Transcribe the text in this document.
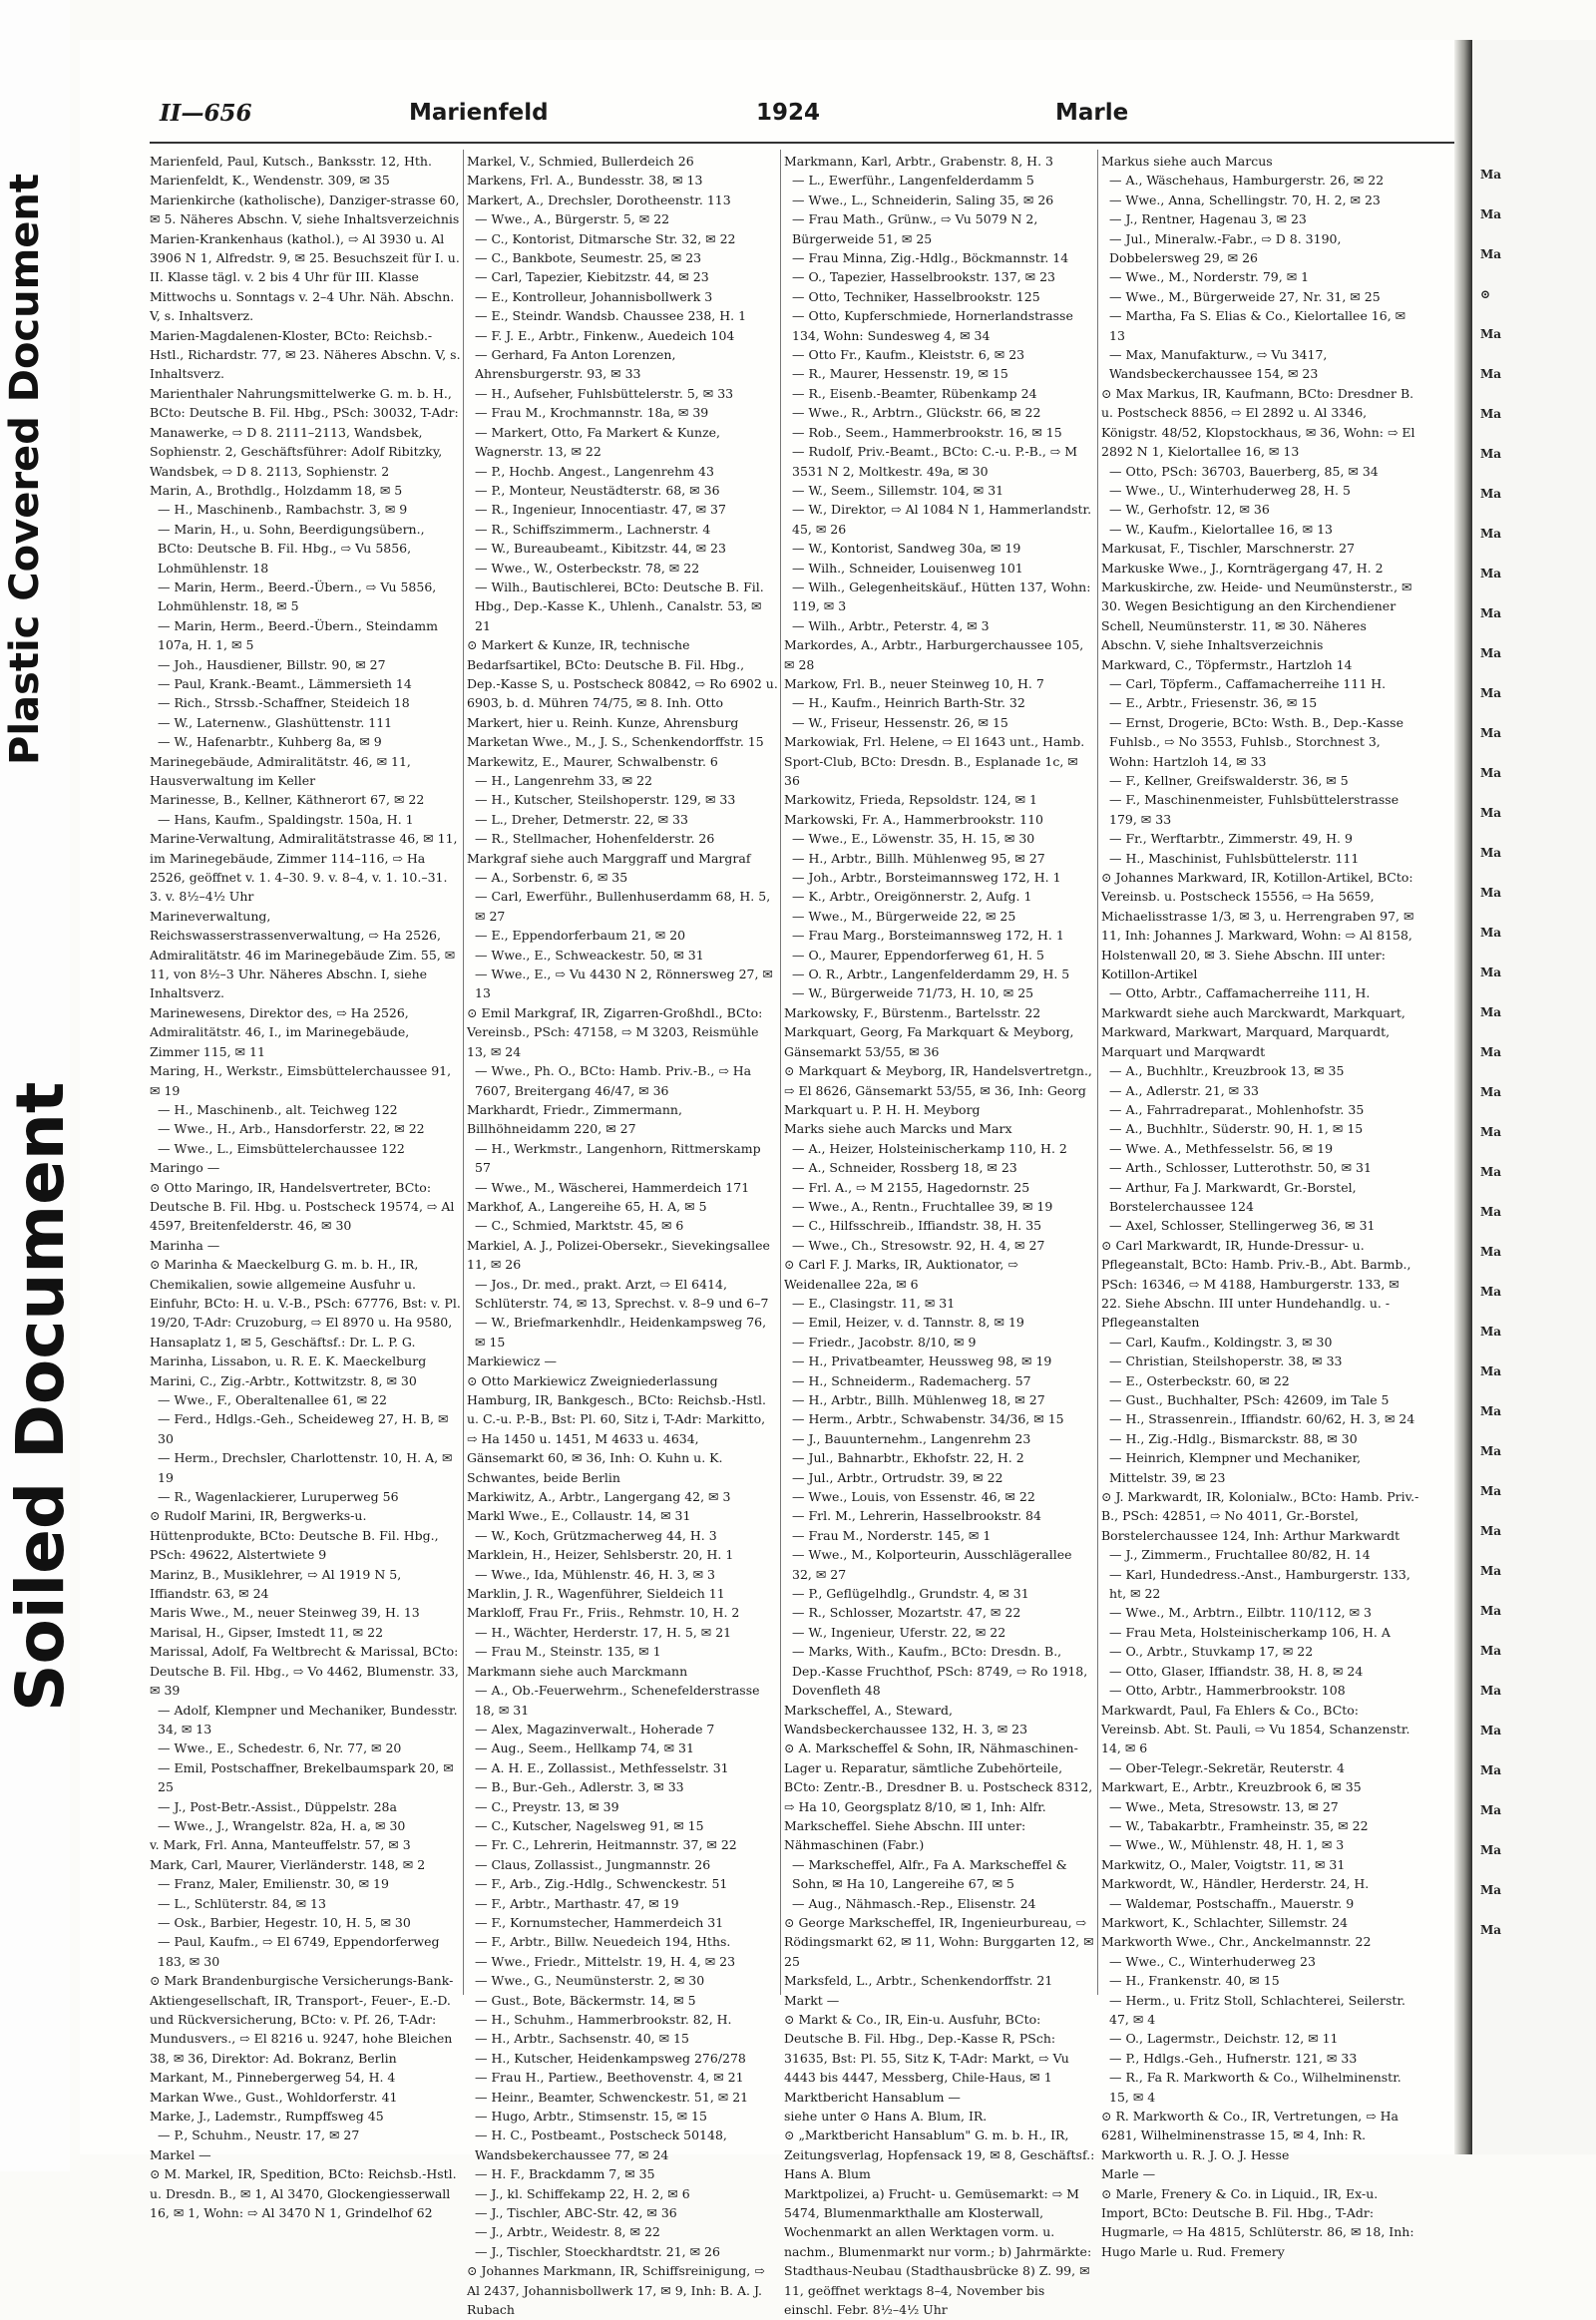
Plastic Covered Document
Soiled Document
II—656	Marienfeld	1924	Marle
Marienfeld, Paul, Kutsch., Banksstr. 12, Hth.
Marienfeldt, K., Wendenstr. 309, ✉ 35
Marienkirche (katholische), Danziger-strasse 60, ✉ 5. Näheres Abschn. V, siehe Inhaltsverzeichnis
Marien-Krankenhaus (kathol.), ⇨ Al 3930 u. Al 3906 N 1, Alfredstr. 9, ✉ 25. Besuchszeit für I. u. II. Klasse tägl. v. 2 bis 4 Uhr für III. Klasse Mittwochs u. Sonntags v. 2–4 Uhr. Näh. Abschn. V, s. Inhaltsverz.
Marien-Magdalenen-Kloster, BCto: Reichsb.-Hstl., Richardstr. 77, ✉ 23. Näheres Abschn. V, s. Inhaltsverz.
Marienthaler Nahrungsmittelwerke G. m. b. H., BCto: Deutsche B. Fil. Hbg., PSch: 30032, T-Adr: Manawerke, ⇨ D 8. 2111–2113, Wandsbek, Sophienstr. 2, Geschäftsführer: Adolf Ribitzky, Wandsbek, ⇨ D 8. 2113, Sophienstr. 2
Marin, A., Brothdlg., Holzdamm 18, ✉ 5
— H., Maschinenb., Rambachstr. 3, ✉ 9
— Marin, H., u. Sohn, Beerdigungsübern., BCto: Deutsche B. Fil. Hbg., ⇨ Vu 5856, Lohmühlenstr. 18
— Marin, Herm., Beerd.-Übern., ⇨ Vu 5856, Lohmühlenstr. 18, ✉ 5
— Marin, Herm., Beerd.-Übern., Steindamm 107a, H. 1, ✉ 5
— Joh., Hausdiener, Billstr. 90, ✉ 27
— Paul, Krank.-Beamt., Lämmersieth 14
— Rich., Strssb.-Schaffner, Steideich 18
— W., Laternenw., Glashüttenstr. 111
— W., Hafenarbtr., Kuhberg 8a, ✉ 9
Marinegebäude, Admiralitätstr. 46, ✉ 11, Hausverwaltung im Keller
Marinesse, B., Kellner, Käthnerort 67, ✉ 22
— Hans, Kaufm., Spaldingstr. 150a, H. 1
Marine-Verwaltung, Admiralitätstrasse 46, ✉ 11, im Marinegebäude, Zimmer 114–116, ⇨ Ha 2526, geöffnet v. 1. 4–30. 9. v. 8–4, v. 1. 10.–31. 3. v. 8½–4½ Uhr
Marineverwaltung, Reichswasserstrassenverwaltung, ⇨ Ha 2526, Admiralitätstr. 46 im Marinegebäude Zim. 55, ✉ 11, von 8½–3 Uhr. Näheres Abschn. I, siehe Inhaltsverz.
Marinewesens, Direktor des, ⇨ Ha 2526, Admiralitätstr. 46, I., im Marinegebäude, Zimmer 115, ✉ 11
Maring, H., Werkstr., Eimsbüttelerchaussee 91, ✉ 19
— H., Maschinenb., alt. Teichweg 122
— Wwe., H., Arb., Hansdorferstr. 22, ✉ 22
— Wwe., L., Eimsbüttelerchaussee 122
Maringo —
⊙ Otto Maringo, IR, Handelsvertreter, BCto: Deutsche B. Fil. Hbg. u. Postscheck 19574, ⇨ Al 4597, Breitenfelderstr. 46, ✉ 30
Marinha —
⊙ Marinha & Maeckelburg G. m. b. H., IR, Chemikalien, sowie allgemeine Ausfuhr u. Einfuhr, BCto: H. u. V.-B., PSch: 67776, Bst: v. Pl. 19/20, T-Adr: Cruzoburg, ⇨ El 8970 u. Ha 9580, Hansaplatz 1, ✉ 5, Geschäftsf.: Dr. L. P. G. Marinha, Lissabon, u. R. E. K. Maeckelburg
Marini, C., Zig.-Arbtr., Kottwitzstr. 8, ✉ 30
— Wwe., F., Oberaltenallee 61, ✉ 22
— Ferd., Hdlgs.-Geh., Scheideweg 27, H. B, ✉ 30
— Herm., Drechsler, Charlottenstr. 10, H. A, ✉ 19
— R., Wagenlackierer, Luruperweg 56
⊙ Rudolf Marini, IR, Bergwerks-u. Hüttenprodukte, BCto: Deutsche B. Fil. Hbg., PSch: 49622, Alstertwiete 9
Marinz, B., Musiklehrer, ⇨ Al 1919 N 5, Iffiandstr. 63, ✉ 24
Maris Wwe., M., neuer Steinweg 39, H. 13
Marisal, H., Gipser, Imstedt 11, ✉ 22
Marissal, Adolf, Fa Weltbrecht & Marissal, BCto: Deutsche B. Fil. Hbg., ⇨ Vo 4462, Blumenstr. 33, ✉ 39
— Adolf, Klempner und Mechaniker, Bundesstr. 34, ✉ 13
— Wwe., E., Schedestr. 6, Nr. 77, ✉ 20
— Emil, Postschaffner, Brekelbaumspark 20, ✉ 25
— J., Post-Betr.-Assist., Düppelstr. 28a
— Wwe., J., Wrangelstr. 82a, H. a, ✉ 30
v. Mark, Frl. Anna, Manteuffelstr. 57, ✉ 3
Mark, Carl, Maurer, Vierländerstr. 148, ✉ 2
— Franz, Maler, Emilienstr. 30, ✉ 19
— L., Schlüterstr. 84, ✉ 13
— Osk., Barbier, Hegestr. 10, H. 5, ✉ 30
— Paul, Kaufm., ⇨ El 6749, Eppendorferweg 183, ✉ 30
⊙ Mark Brandenburgische Versicherungs-Bank-Aktiengesellschaft, IR, Transport-, Feuer-, E.-D. und Rückversicherung, BCto: v. Pf. 26, T-Adr: Mundusvers., ⇨ El 8216 u. 9247, hohe Bleichen 38, ✉ 36, Direktor: Ad. Bokranz, Berlin
Markant, M., Pinnebergerweg 54, H. 4
Markan Wwe., Gust., Wohldorferstr. 41
Marke, J., Lademstr., Rumpffsweg 45
— P., Schuhm., Neustr. 17, ✉ 27
Markel —
⊙ M. Markel, IR, Spedition, BCto: Reichsb.-Hstl. u. Dresdn. B., ✉ 1, Al 3470, Glockengiesserwall 16, ✉ 1, Wohn: ⇨ Al 3470 N 1, Grindelhof 62
Markel, V., Schmied, Bullerdeich 26
Markens, Frl. A., Bundesstr. 38, ✉ 13
Markert, A., Drechsler, Dorotheenstr. 113
— Wwe., A., Bürgerstr. 5, ✉ 22
— C., Kontorist, Ditmarsche Str. 32, ✉ 22
— C., Bankbote, Seumestr. 25, ✉ 23
— Carl, Tapezier, Kiebitzstr. 44, ✉ 23
— E., Kontrolleur, Johannisbollwerk 3
— E., Steindr. Wandsb. Chaussee 238, H. 1
— F. J. E., Arbtr., Finkenw., Auedeich 104
— Gerhard, Fa Anton Lorenzen, Ahrensburgerstr. 93, ✉ 33
— H., Aufseher, Fuhlsbüttelerstr. 5, ✉ 33
— Frau M., Krochmannstr. 18a, ✉ 39
— Markert, Otto, Fa Markert & Kunze, Wagnerstr. 13, ✉ 22
— P., Hochb. Angest., Langenrehm 43
— P., Monteur, Neustädterstr. 68, ✉ 36
— R., Ingenieur, Innocentiastr. 47, ✉ 37
— R., Schiffszimmerm., Lachnerstr. 4
— W., Bureaubeamt., Kibitzstr. 44, ✉ 23
— Wwe., W., Osterbeckstr. 78, ✉ 22
— Wilh., Bautischlerei, BCto: Deutsche B. Fil. Hbg., Dep.-Kasse K., Uhlenh., Canalstr. 53, ✉ 21
⊙ Markert & Kunze, IR, technische Bedarfsartikel, BCto: Deutsche B. Fil. Hbg., Dep.-Kasse S, u. Postscheck 80842, ⇨ Ro 6902 u. 6903, b. d. Mühren 74/75, ✉ 8. Inh. Otto Markert, hier u. Reinh. Kunze, Ahrensburg
Marketan Wwe., M., J. S., Schenkendorffstr. 15
Markewitz, E., Maurer, Schwalbenstr. 6
— H., Langenrehm 33, ✉ 22
— H., Kutscher, Steilshoperstr. 129, ✉ 33
— L., Dreher, Detmerstr. 22, ✉ 33
— R., Stellmacher, Hohenfelderstr. 26
Markgraf siehe auch Marggraff und Margraf
— A., Sorbenstr. 6, ✉ 35
— Carl, Ewerführ., Bullenhuserdamm 68, H. 5, ✉ 27
— E., Eppendorferbaum 21, ✉ 20
— Wwe., E., Schweackestr. 50, ✉ 31
— Wwe., E., ⇨ Vu 4430 N 2, Rönnersweg 27, ✉ 13
⊙ Emil Markgraf, IR, Zigarren-Großhdl., BCto: Vereinsb., PSch: 47158, ⇨ M 3203, Reismühle 13, ✉ 24
— Wwe., Ph. O., BCto: Hamb. Priv.-B., ⇨ Ha 7607, Breitergang 46/47, ✉ 36
Markhardt, Friedr., Zimmermann, Billhöhneidamm 220, ✉ 27
— H., Werkmstr., Langenhorn, Rittmerskamp 57
— Wwe., M., Wäscherei, Hammerdeich 171
Markhof, A., Langereihe 65, H. A, ✉ 5
— C., Schmied, Marktstr. 45, ✉ 6
Markiel, A. J., Polizei-Obersekr., Sievekingsallee 11, ✉ 26
— Jos., Dr. med., prakt. Arzt, ⇨ El 6414, Schlüterstr. 74, ✉ 13, Sprechst. v. 8–9 und 6–7
— W., Briefmarkenhdlr., Heidenkampsweg 76, ✉ 15
Markiewicz —
⊙ Otto Markiewicz Zweigniederlassung Hamburg, IR, Bankgesch., BCto: Reichsb.-Hstl. u. C.-u. P.-B., Bst: Pl. 60, Sitz i, T-Adr: Markitto, ⇨ Ha 1450 u. 1451, M 4633 u. 4634, Gänsemarkt 60, ✉ 36, Inh: O. Kuhn u. K. Schwantes, beide Berlin
Markiwitz, A., Arbtr., Langergang 42, ✉ 3
Markl Wwe., E., Collaustr. 14, ✉ 31
— W., Koch, Grützmacherweg 44, H. 3
Marklein, H., Heizer, Sehlsberstr. 20, H. 1
— Wwe., Ida, Mühlenstr. 46, H. 3, ✉ 3
Marklin, J. R., Wagenführer, Sieldeich 11
Markloff, Frau Fr., Friis., Rehmstr. 10, H. 2
— H., Wächter, Herderstr. 17, H. 5, ✉ 21
— Frau M., Steinstr. 135, ✉ 1
Markmann siehe auch Marckmann
— A., Ob.-Feuerwehrm., Schenefelderstrasse 18, ✉ 31
— Alex, Magazinverwalt., Hoherade 7
— Aug., Seem., Hellkamp 74, ✉ 31
— A. H. E., Zollassist., Methfesselstr. 31
— B., Bur.-Geh., Adlerstr. 3, ✉ 33
— C., Preystr. 13, ✉ 39
— C., Kutscher, Nagelsweg 91, ✉ 15
— Fr. C., Lehrerin, Heitmannstr. 37, ✉ 22
— Claus, Zollassist., Jungmannstr. 26
— F., Arb., Zig.-Hdlg., Schwenckestr. 51
— F., Arbtr., Marthastr. 47, ✉ 19
— F., Kornumstecher, Hammerdeich 31
— F., Arbtr., Billw. Neuedeich 194, Hths.
— Wwe., Friedr., Mittelstr. 19, H. 4, ✉ 23
— Wwe., G., Neumünsterstr. 2, ✉ 30
— Gust., Bote, Bäckermstr. 14, ✉ 5
— H., Schuhm., Hammerbrookstr. 82, H.
— H., Arbtr., Sachsenstr. 40, ✉ 15
— H., Kutscher, Heidenkampsweg 276/278
— Frau H., Partiew., Beethovenstr. 4, ✉ 21
— Heinr., Beamter, Schwenckestr. 51, ✉ 21
— Hugo, Arbtr., Stimsenstr. 15, ✉ 15
— H. C., Postbeamt., Postscheck 50148, Wandsbekerchaussee 77, ✉ 24
— H. F., Brackdamm 7, ✉ 35
— J., kl. Schiffekamp 22, H. 2, ✉ 6
— J., Tischler, ABC-Str. 42, ✉ 36
— J., Arbtr., Weidestr. 8, ✉ 22
— J., Tischler, Stoeckhardtstr. 21, ✉ 26
⊙ Johannes Markmann, IR, Schiffsreinigung, ⇨ Al 2437, Johannisbollwerk 17, ✉ 9, Inh: B. A. J. Rubach
Markmann, Karl, Arbtr., Grabenstr. 8, H. 3
— L., Ewerführ., Langenfelderdamm 5
— Wwe., L., Schneiderin, Saling 35, ✉ 26
— Frau Math., Grünw., ⇨ Vu 5079 N 2, Bürgerweide 51, ✉ 25
— Frau Minna, Zig.-Hdlg., Böckmannstr. 14
— O., Tapezier, Hasselbrookstr. 137, ✉ 23
— Otto, Techniker, Hasselbrookstr. 125
— Otto, Kupferschmiede, Hornerlandstrasse 134, Wohn: Sundesweg 4, ✉ 34
— Otto Fr., Kaufm., Kleiststr. 6, ✉ 23
— R., Maurer, Hessenstr. 19, ✉ 15
— R., Eisenb.-Beamter, Rübenkamp 24
— Wwe., R., Arbtrn., Glückstr. 66, ✉ 22
— Rob., Seem., Hammerbrookstr. 16, ✉ 15
— Rudolf, Priv.-Beamt., BCto: C.-u. P.-B., ⇨ M 3531 N 2, Moltkestr. 49a, ✉ 30
— W., Seem., Sillemstr. 104, ✉ 31
— W., Direktor, ⇨ Al 1084 N 1, Hammerlandstr. 45, ✉ 26
— W., Kontorist, Sandweg 30a, ✉ 19
— Wilh., Schneider, Louisenweg 101
— Wilh., Gelegenheitskäuf., Hütten 137, Wohn: 119, ✉ 3
— Wilh., Arbtr., Peterstr. 4, ✉ 3
Markordes, A., Arbtr., Harburgerchaussee 105, ✉ 28
Markow, Frl. B., neuer Steinweg 10, H. 7
— H., Kaufm., Heinrich Barth-Str. 32
— W., Friseur, Hessenstr. 26, ✉ 15
Markowiak, Frl. Helene, ⇨ El 1643 unt., Hamb. Sport-Club, BCto: Dresdn. B., Esplanade 1c, ✉ 36
Markowitz, Frieda, Repsoldstr. 124, ✉ 1
Markowski, Fr. A., Hammerbrookstr. 110
— Wwe., E., Löwenstr. 35, H. 15, ✉ 30
— H., Arbtr., Billh. Mühlenweg 95, ✉ 27
— Joh., Arbtr., Borsteimannsweg 172, H. 1
— K., Arbtr., Oreigönnerstr. 2, Aufg. 1
— Wwe., M., Bürgerweide 22, ✉ 25
— Frau Marg., Borsteimannsweg 172, H. 1
— O., Maurer, Eppendorferweg 61, H. 5
— O. R., Arbtr., Langenfelderdamm 29, H. 5
— W., Bürgerweide 71/73, H. 10, ✉ 25
Markowsky, F., Bürstenm., Bartelsstr. 22
Markquart, Georg, Fa Markquart & Meyborg, Gänsemarkt 53/55, ✉ 36
⊙ Markquart & Meyborg, IR, Handelsvertretgn., ⇨ El 8626, Gänsemarkt 53/55, ✉ 36, Inh: Georg Markquart u. P. H. H. Meyborg
Marks siehe auch Marcks und Marx
— A., Heizer, Holsteinischerkamp 110, H. 2
— A., Schneider, Rossberg 18, ✉ 23
— Frl. A., ⇨ M 2155, Hagedornstr. 25
— Wwe., A., Rentn., Fruchtallee 39, ✉ 19
— C., Hilfsschreib., Iffiandstr. 38, H. 35
— Wwe., Ch., Stresowstr. 92, H. 4, ✉ 27
⊙ Carl F. J. Marks, IR, Auktionator, ⇨ Weidenallee 22a, ✉ 6
— E., Clasingstr. 11, ✉ 31
— Emil, Heizer, v. d. Tannstr. 8, ✉ 19
— Friedr., Jacobstr. 8/10, ✉ 9
— H., Privatbeamter, Heussweg 98, ✉ 19
— H., Schneiderm., Rademacherg. 57
— H., Arbtr., Billh. Mühlenweg 18, ✉ 27
— Herm., Arbtr., Schwabenstr. 34/36, ✉ 15
— J., Bauunternehm., Langenrehm 23
— Jul., Bahnarbtr., Ekhofstr. 22, H. 2
— Jul., Arbtr., Ortrudstr. 39, ✉ 22
— Wwe., Louis, von Essenstr. 46, ✉ 22
— Frl. M., Lehrerin, Hasselbrookstr. 84
— Frau M., Norderstr. 145, ✉ 1
— Wwe., M., Kolporteurin, Ausschlägerallee 32, ✉ 27
— P., Geflügelhdlg., Grundstr. 4, ✉ 31
— R., Schlosser, Mozartstr. 47, ✉ 22
— W., Ingenieur, Uferstr. 22, ✉ 22
— Marks, With., Kaufm., BCto: Dresdn. B., Dep.-Kasse Fruchthof, PSch: 8749, ⇨ Ro 1918, Dovenfleth 48
Markscheffel, A., Steward, Wandsbeckerchaussee 132, H. 3, ✉ 23
⊙ A. Markscheffel & Sohn, IR, Nähmaschinen-Lager u. Reparatur, sämtliche Zubehörteile, BCto: Zentr.-B., Dresdner B. u. Postscheck 8312, ⇨ Ha 10, Georgsplatz 8/10, ✉ 1, Inh: Alfr. Markscheffel. Siehe Abschn. III unter: Nähmaschinen (Fabr.)
— Markscheffel, Alfr., Fa A. Markscheffel & Sohn, ✉ Ha 10, Langereihe 67, ✉ 5
— Aug., Nähmasch.-Rep., Elisenstr. 24
⊙ George Markscheffel, IR, Ingenieurbureau, ⇨ Rödingsmarkt 62, ✉ 11, Wohn: Burggarten 12, ✉ 25
Marksfeld, L., Arbtr., Schenkendorffstr. 21
Markt —
⊙ Markt & Co., IR, Ein-u. Ausfuhr, BCto: Deutsche B. Fil. Hbg., Dep.-Kasse R, PSch: 31635, Bst: Pl. 55, Sitz K, T-Adr: Markt, ⇨ Vu 4443 bis 4447, Messberg, Chile-Haus, ✉ 1
Marktbericht Hansablum —
siehe unter ⊙ Hans A. Blum, IR.
⊙ „Marktbericht Hansablum" G. m. b. H., IR, Zeitungsverlag, Hopfensack 19, ✉ 8, Geschäftsf.: Hans A. Blum
Marktpolizei, a) Frucht- u. Gemüsemarkt: ⇨ M 5474, Blumenmarkthalle am Klosterwall, Wochenmarkt an allen Werktagen vorm. u. nachm., Blumenmarkt nur vorm.; b) Jahrmärkte: Stadthaus-Neubau (Stadthausbrücke 8) Z. 99, ✉ 11, geöffnet werktags 8–4, November bis einschl. Febr. 8½–4½ Uhr
Markus siehe auch Marcus
— A., Wäschehaus, Hamburgerstr. 26, ✉ 22
— Wwe., Anna, Schellingstr. 70, H. 2, ✉ 23
— J., Rentner, Hagenau 3, ✉ 23
— Jul., Mineralw.-Fabr., ⇨ D 8. 3190, Dobbelersweg 29, ✉ 26
— Wwe., M., Norderstr. 79, ✉ 1
— Wwe., M., Bürgerweide 27, Nr. 31, ✉ 25
— Martha, Fa S. Elias & Co., Kielortallee 16, ✉ 13
— Max, Manufakturw., ⇨ Vu 3417, Wandsbeckerchaussee 154, ✉ 23
⊙ Max Markus, IR, Kaufmann, BCto: Dresdner B. u. Postscheck 8856, ⇨ El 2892 u. Al 3346, Königstr. 48/52, Klopstockhaus, ✉ 36, Wohn: ⇨ El 2892 N 1, Kielortallee 16, ✉ 13
— Otto, PSch: 36703, Bauerberg, 85, ✉ 34
— Wwe., U., Winterhuderweg 28, H. 5
— W., Gerhofstr. 12, ✉ 36
— W., Kaufm., Kielortallee 16, ✉ 13
Markusat, F., Tischler, Marschnerstr. 27
Markuske Wwe., J., Kornträgergang 47, H. 2
Markuskirche, zw. Heide- und Neumünsterstr., ✉ 30. Wegen Besichtigung an den Kirchendiener Schell, Neumünsterstr. 11, ✉ 30. Näheres Abschn. V, siehe Inhaltsverzeichnis
Markward, C., Töpfermstr., Hartzloh 14
— Carl, Töpferm., Caffamacherreihe 111 H.
— E., Arbtr., Friesenstr. 36, ✉ 15
— Ernst, Drogerie, BCto: Wsth. B., Dep.-Kasse Fuhlsb., ⇨ No 3553, Fuhlsb., Storchnest 3, Wohn: Hartzloh 14, ✉ 33
— F., Kellner, Greifswalderstr. 36, ✉ 5
— F., Maschinenmeister, Fuhlsbüttelerstrasse 179, ✉ 33
— Fr., Werftarbtr., Zimmerstr. 49, H. 9
— H., Maschinist, Fuhlsbüttelerstr. 111
⊙ Johannes Markward, IR, Kotillon-Artikel, BCto: Vereinsb. u. Postscheck 15556, ⇨ Ha 5659, Michaelisstrasse 1/3, ✉ 3, u. Herrengraben 97, ✉ 11, Inh: Johannes J. Markward, Wohn: ⇨ Al 8158, Holstenwall 20, ✉ 3. Siehe Abschn. III unter: Kotillon-Artikel
— Otto, Arbtr., Caffamacherreihe 111, H.
Markwardt siehe auch Marckwardt, Markquart, Markward, Markwart, Marquard, Marquardt, Marquart und Marqwardt
— A., Buchhltr., Kreuzbrook 13, ✉ 35
— A., Adlerstr. 21, ✉ 33
— A., Fahrradreparat., Mohlenhofstr. 35
— A., Buchhltr., Süderstr. 90, H. 1, ✉ 15
— Wwe. A., Methfesselstr. 56, ✉ 19
— Arth., Schlosser, Lutterothstr. 50, ✉ 31
— Arthur, Fa J. Markwardt, Gr.-Borstel, Borstelerchaussee 124
— Axel, Schlosser, Stellingerweg 36, ✉ 31
⊙ Carl Markwardt, IR, Hunde-Dressur- u. Pflegeanstalt, BCto: Hamb. Priv.-B., Abt. Barmb., PSch: 16346, ⇨ M 4188, Hamburgerstr. 133, ✉ 22. Siehe Abschn. III unter Hundehandlg. u. -Pflegeanstalten
— Carl, Kaufm., Koldingstr. 3, ✉ 30
— Christian, Steilshoperstr. 38, ✉ 33
— E., Osterbeckstr. 60, ✉ 22
— Gust., Buchhalter, PSch: 42609, im Tale 5
— H., Strassenrein., Iffiandstr. 60/62, H. 3, ✉ 24
— H., Zig.-Hdlg., Bismarckstr. 88, ✉ 30
— Heinrich, Klempner und Mechaniker, Mittelstr. 39, ✉ 23
⊙ J. Markwardt, IR, Kolonialw., BCto: Hamb. Priv.-B., PSch: 42851, ⇨ No 4011, Gr.-Borstel, Borstelerchaussee 124, Inh: Arthur Markwardt
— J., Zimmerm., Fruchtallee 80/82, H. 14
— Karl, Hundedress.-Anst., Hamburgerstr. 133, ht, ✉ 22
— Wwe., M., Arbtrn., Eilbtr. 110/112, ✉ 3
— Frau Meta, Holsteinischerkamp 106, H. A
— O., Arbtr., Stuvkamp 17, ✉ 22
— Otto, Glaser, Iffiandstr. 38, H. 8, ✉ 24
— Otto, Arbtr., Hammerbrookstr. 108
Markwardt, Paul, Fa Ehlers & Co., BCto: Vereinsb. Abt. St. Pauli, ⇨ Vu 1854, Schanzenstr. 14, ✉ 6
— Ober-Telegr.-Sekretär, Reuterstr. 4
Markwart, E., Arbtr., Kreuzbrook 6, ✉ 35
— Wwe., Meta, Stresowstr. 13, ✉ 27
— W., Tabakarbtr., Framheinstr. 35, ✉ 22
— Wwe., W., Mühlenstr. 48, H. 1, ✉ 3
Markwitz, O., Maler, Voigtstr. 11, ✉ 31
Markwordt, W., Händler, Herderstr. 24, H.
— Waldemar, Postschaffn., Mauerstr. 9
Markwort, K., Schlachter, Sillemstr. 24
Markworth Wwe., Chr., Anckelmannstr. 22
— Wwe., C., Winterhuderweg 23
— H., Frankenstr. 40, ✉ 15
— Herm., u. Fritz Stoll, Schlachterei, Seilerstr. 47, ✉ 4
— O., Lagermstr., Deichstr. 12, ✉ 11
— P., Hdlgs.-Geh., Hufnerstr. 121, ✉ 33
— R., Fa R. Markworth & Co., Wilhelminenstr. 15, ✉ 4
⊙ R. Markworth & Co., IR, Vertretungen, ⇨ Ha 6281, Wilhelminenstrasse 15, ✉ 4, Inh: R. Markworth u. R. J. O. J. Hesse
Marle —
⊙ Marle, Frenery & Co. in Liquid., IR, Ex-u. Import, BCto: Deutsche B. Fil. Hbg., T-Adr: Hugmarle, ⇨ Ha 4815, Schlüterstr. 86, ✉ 18, Inh: Hugo Marle u. Rud. Fremery
Ma
Ma
Ma
⊙
Ma
Ma
Ma
Ma
Ma
Ma
Ma
Ma
Ma
Ma
Ma
Ma
Ma
Ma
Ma
Ma
Ma
Ma
Ma
Ma
Ma
Ma
Ma
Ma
Ma
Ma
Ma
Ma
Ma
Ma
Ma
Ma
Ma
Ma
Ma
Ma
Ma
Ma
Ma
Ma
Ma
